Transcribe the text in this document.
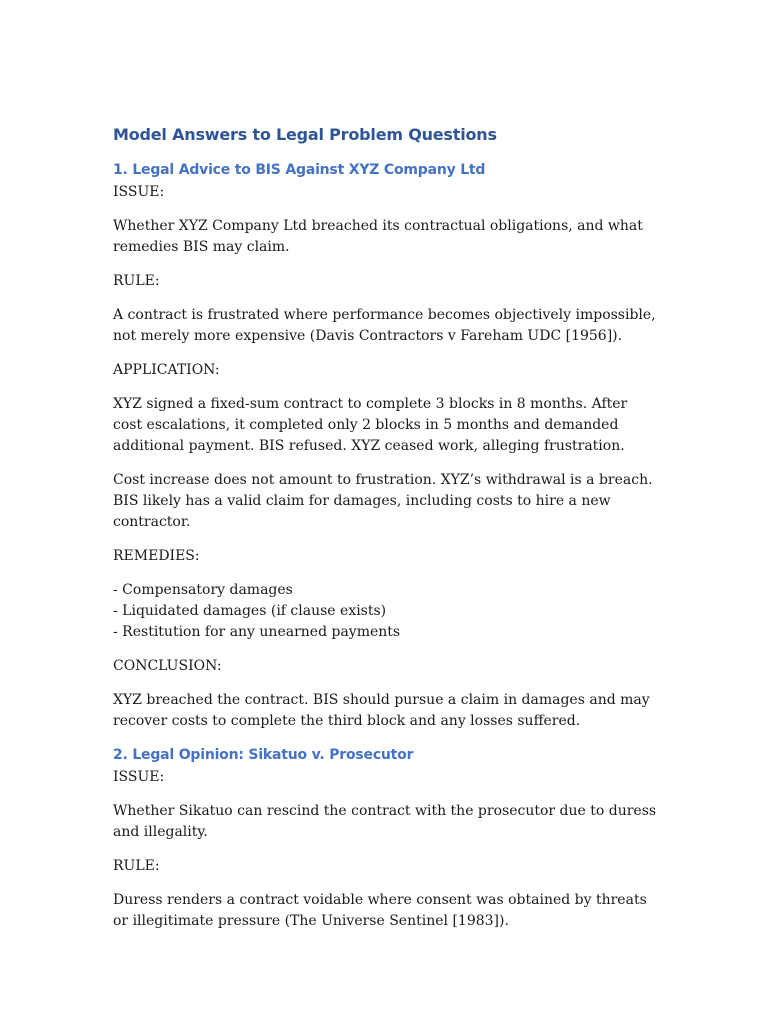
Model Answers to Legal Problem Questions
1. Legal Advice to BIS Against XYZ Company Ltd

ISSUE:

Whether XYZ Company Ltd breached its contractual obligations, and what remedies BIS may claim.

RULE:

A contract is frustrated where performance becomes objectively impossible, not merely more expensive (Davis Contractors v Fareham UDC [1956]).

APPLICATION:

XYZ signed a fixed-sum contract to complete 3 blocks in 8 months. After cost escalations, it completed only 2 blocks in 5 months and demanded additional payment. BIS refused. XYZ ceased work, alleging frustration.

Cost increase does not amount to frustration. XYZ’s withdrawal is a breach. BIS likely has a valid claim for damages, including costs to hire a new contractor.

REMEDIES:

- Compensatory damages
- Liquidated damages (if clause exists)
- Restitution for any unearned payments

CONCLUSION:

XYZ breached the contract. BIS should pursue a claim in damages and may recover costs to complete the third block and any losses suffered.

2. Legal Opinion: Sikatuo v. Prosecutor

ISSUE:

Whether Sikatuo can rescind the contract with the prosecutor due to duress and illegality.

RULE:

Duress renders a contract voidable where consent was obtained by threats or illegitimate pressure (The Universe Sentinel [1983]).
